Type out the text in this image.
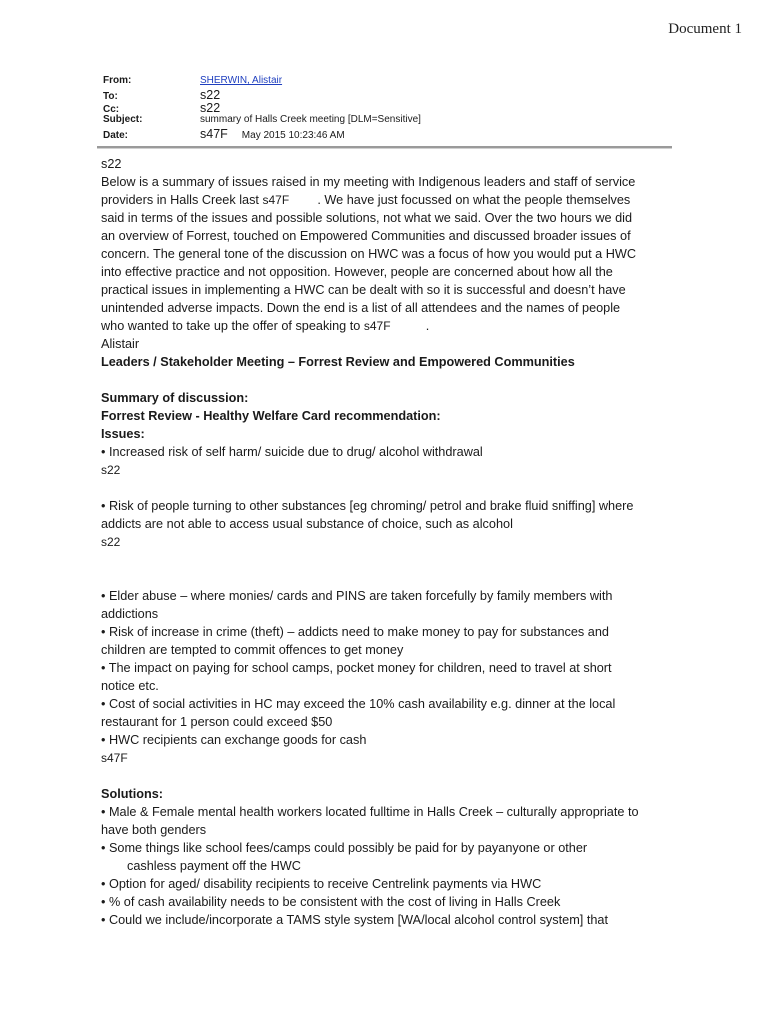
Document 1
From:	SHERWIN, Alistair
To:	s22
Cc:	s22
Subject:	summary of Halls Creek meeting [DLM=Sensitive]
Date:	s47F May 2015 10:23:46 AM

s22

Below is a summary of issues raised in my meeting with Indigenous leaders and staff of service

providers in Halls Creek last s47F        . We have just focussed on what the people themselves

said in terms of the issues and possible solutions, not what we said. Over the two hours we did

an overview of Forrest, touched on Empowered Communities and discussed broader issues of

concern. The general tone of the discussion on HWC was a focus of how you would put a HWC

into effective practice and not opposition. However, people are concerned about how all the

practical issues in implementing a HWC can be dealt with so it is successful and doesn’t have

unintended adverse impacts. Down the end is a list of all attendees and the names of people

who wanted to take up the offer of speaking to s47F          .

Alistair

Leaders / Stakeholder Meeting – Forrest Review and Empowered Communities

Summary of discussion:

Forrest Review - Healthy Welfare Card recommendation:

Issues:

• Increased risk of self harm/ suicide due to drug/ alcohol withdrawal

s22

• Risk of people turning to other substances [eg chroming/ petrol and brake fluid sniffing] where

addicts are not able to access usual substance of choice, such as alcohol

s22

• Elder abuse – where monies/ cards and PINS are taken forcefully by family members with

addictions

• Risk of increase in crime (theft) – addicts need to make money to pay for substances and

children are tempted to commit offences to get money

• The impact on paying for school camps, pocket money for children, need to travel at short

notice etc.

• Cost of social activities in HC may exceed the 10% cash availability e.g. dinner at the local

restaurant for 1 person could exceed $50

• HWC recipients can exchange goods for cash

s47F

Solutions:

• Male & Female mental health workers located fulltime in Halls Creek – culturally appropriate to

have both genders

• Some things like school fees/camps could possibly be paid for by payanyone or other
cashless payment off the HWC

• Option for aged/ disability recipients to receive Centrelink payments via HWC

• % of cash availability needs to be consistent with the cost of living in Halls Creek

• Could we include/incorporate a TAMS style system [WA/local alcohol control system] that
